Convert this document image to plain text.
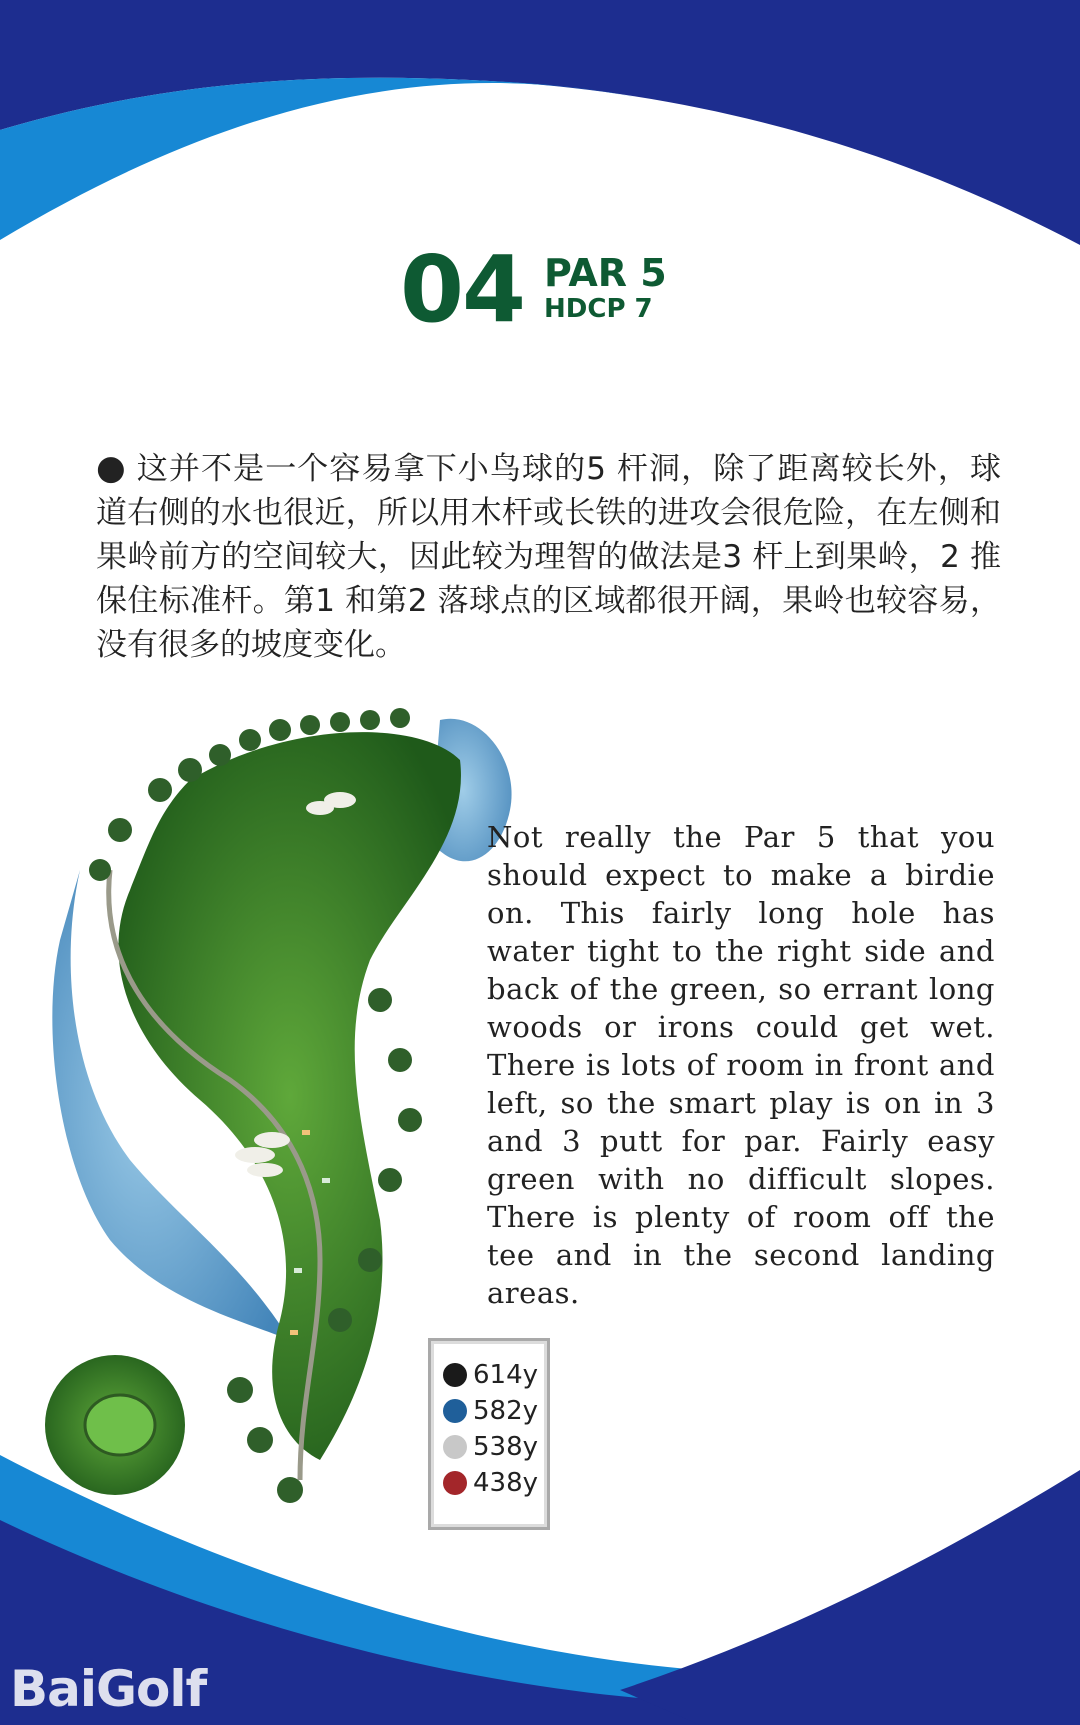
04 PAR 5
HDCP 7
● 这并不是一个容易拿下小鸟球的5 杆洞，除了距离较长外，球道右侧的水也很近，所以用木杆或长铁的进攻会很危险，在左侧和果岭前方的空间较大，因此较为理智的做法是3 杆上到果岭，2 推保住标准杆。第1 和第2 落球点的区域都很开阔，果岭也较容易，没有很多的坡度变化。
Not really the Par 5 that you should expect to make a birdie on. This fairly long hole has water tight to the right side and back of the green, so errant long woods or irons could get wet. There is lots of room in front and left, so the smart play is on in 3 and 3 putt for par. Fairly easy green with no difficult slopes. There is plenty of room off the tee and in the second landing areas.
614y
582y
538y
438y
BaiGolf
